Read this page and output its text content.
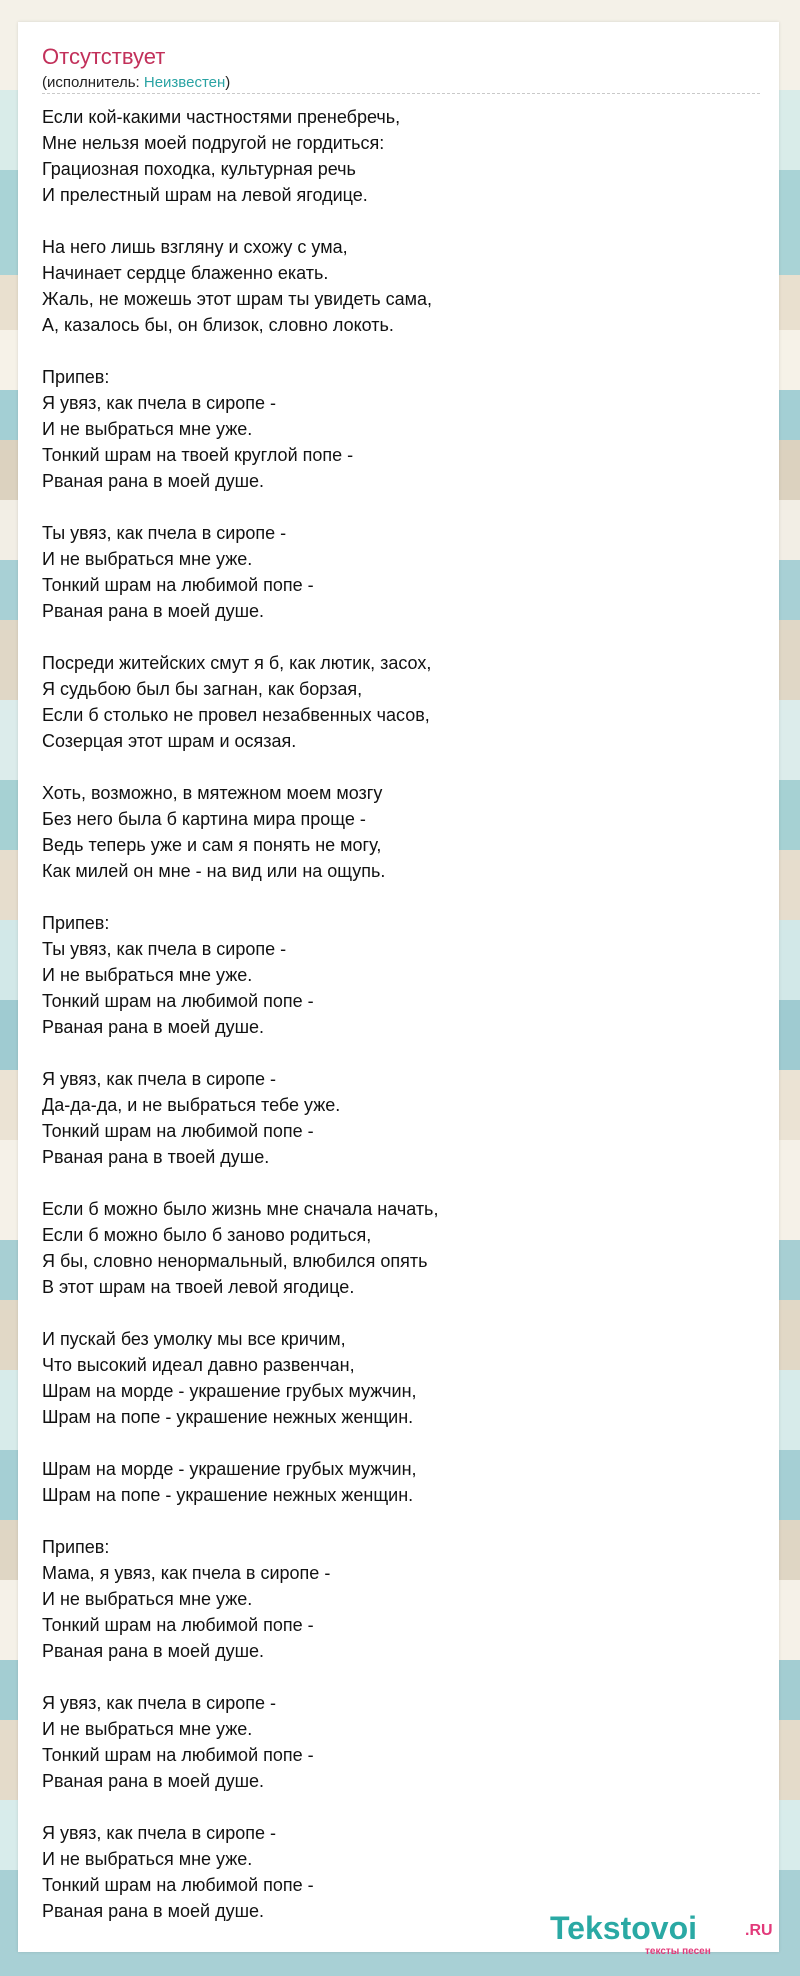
Отсутствует
(исполнитель: Неизвестен)
Если кой-какими частностями пренебречь,
Мне нельзя моей подругой не гордиться:
Грациозная походка, культурная речь
И прелестный шрам на левой ягодице.
На него лишь взгляну и схожу с ума,
Начинает сердце блаженно екать.
Жаль, не можешь этот шрам ты увидеть сама,
А, казалось бы, он близок, словно локоть.
Припев:
Я увяз, как пчела в сиропе -
И не выбраться мне уже.
Тонкий шрам на твоей круглой попе -
Рваная рана в моей душе.
Ты увяз, как пчела в сиропе -
И не выбраться мне уже.
Тонкий шрам на любимой попе -
Рваная рана в моей душе.
Посреди житейских смут я б, как лютик, засох,
Я судьбою был бы загнан, как борзая,
Если б столько не провел незабвенных часов,
Созерцая этот шрам и осязая.
Хоть, возможно, в мятежном моем мозгу
Без него была б картина мира проще -
Ведь теперь уже и сам я понять не могу,
Как милей он мне - на вид или на ощупь.
Припев:
Ты увяз, как пчела в сиропе -
И не выбраться мне уже.
Тонкий шрам на любимой попе -
Рваная рана в моей душе.
Я увяз, как пчела в сиропе -
Да-да-да, и не выбраться тебе уже.
Тонкий шрам на любимой попе -
Рваная рана в твоей душе.
Если б можно было жизнь мне сначала начать,
Если б можно было б заново родиться,
Я бы, словно ненормальный, влюбился опять
В этот шрам на твоей левой ягодице.
И пускай без умолку мы все кричим,
Что высокий идеал давно развенчан,
Шрам на морде - украшение грубых мужчин,
Шрам на попе - украшение нежных женщин.
Шрам на морде - украшение грубых мужчин,
Шрам на попе - украшение нежных женщин.
Припев:
Мама, я увяз, как пчела в сиропе -
И не выбраться мне уже.
Тонкий шрам на любимой попе -
Рваная рана в моей душе.
Я увяз, как пчела в сиропе -
И не выбраться мне уже.
Тонкий шрам на любимой попе -
Рваная рана в моей душе.
Я увяз, как пчела в сиропе -
И не выбраться мне уже.
Тонкий шрам на любимой попе -
Рваная рана в моей душе.	Tekstovoi	.RU
тексты песен
